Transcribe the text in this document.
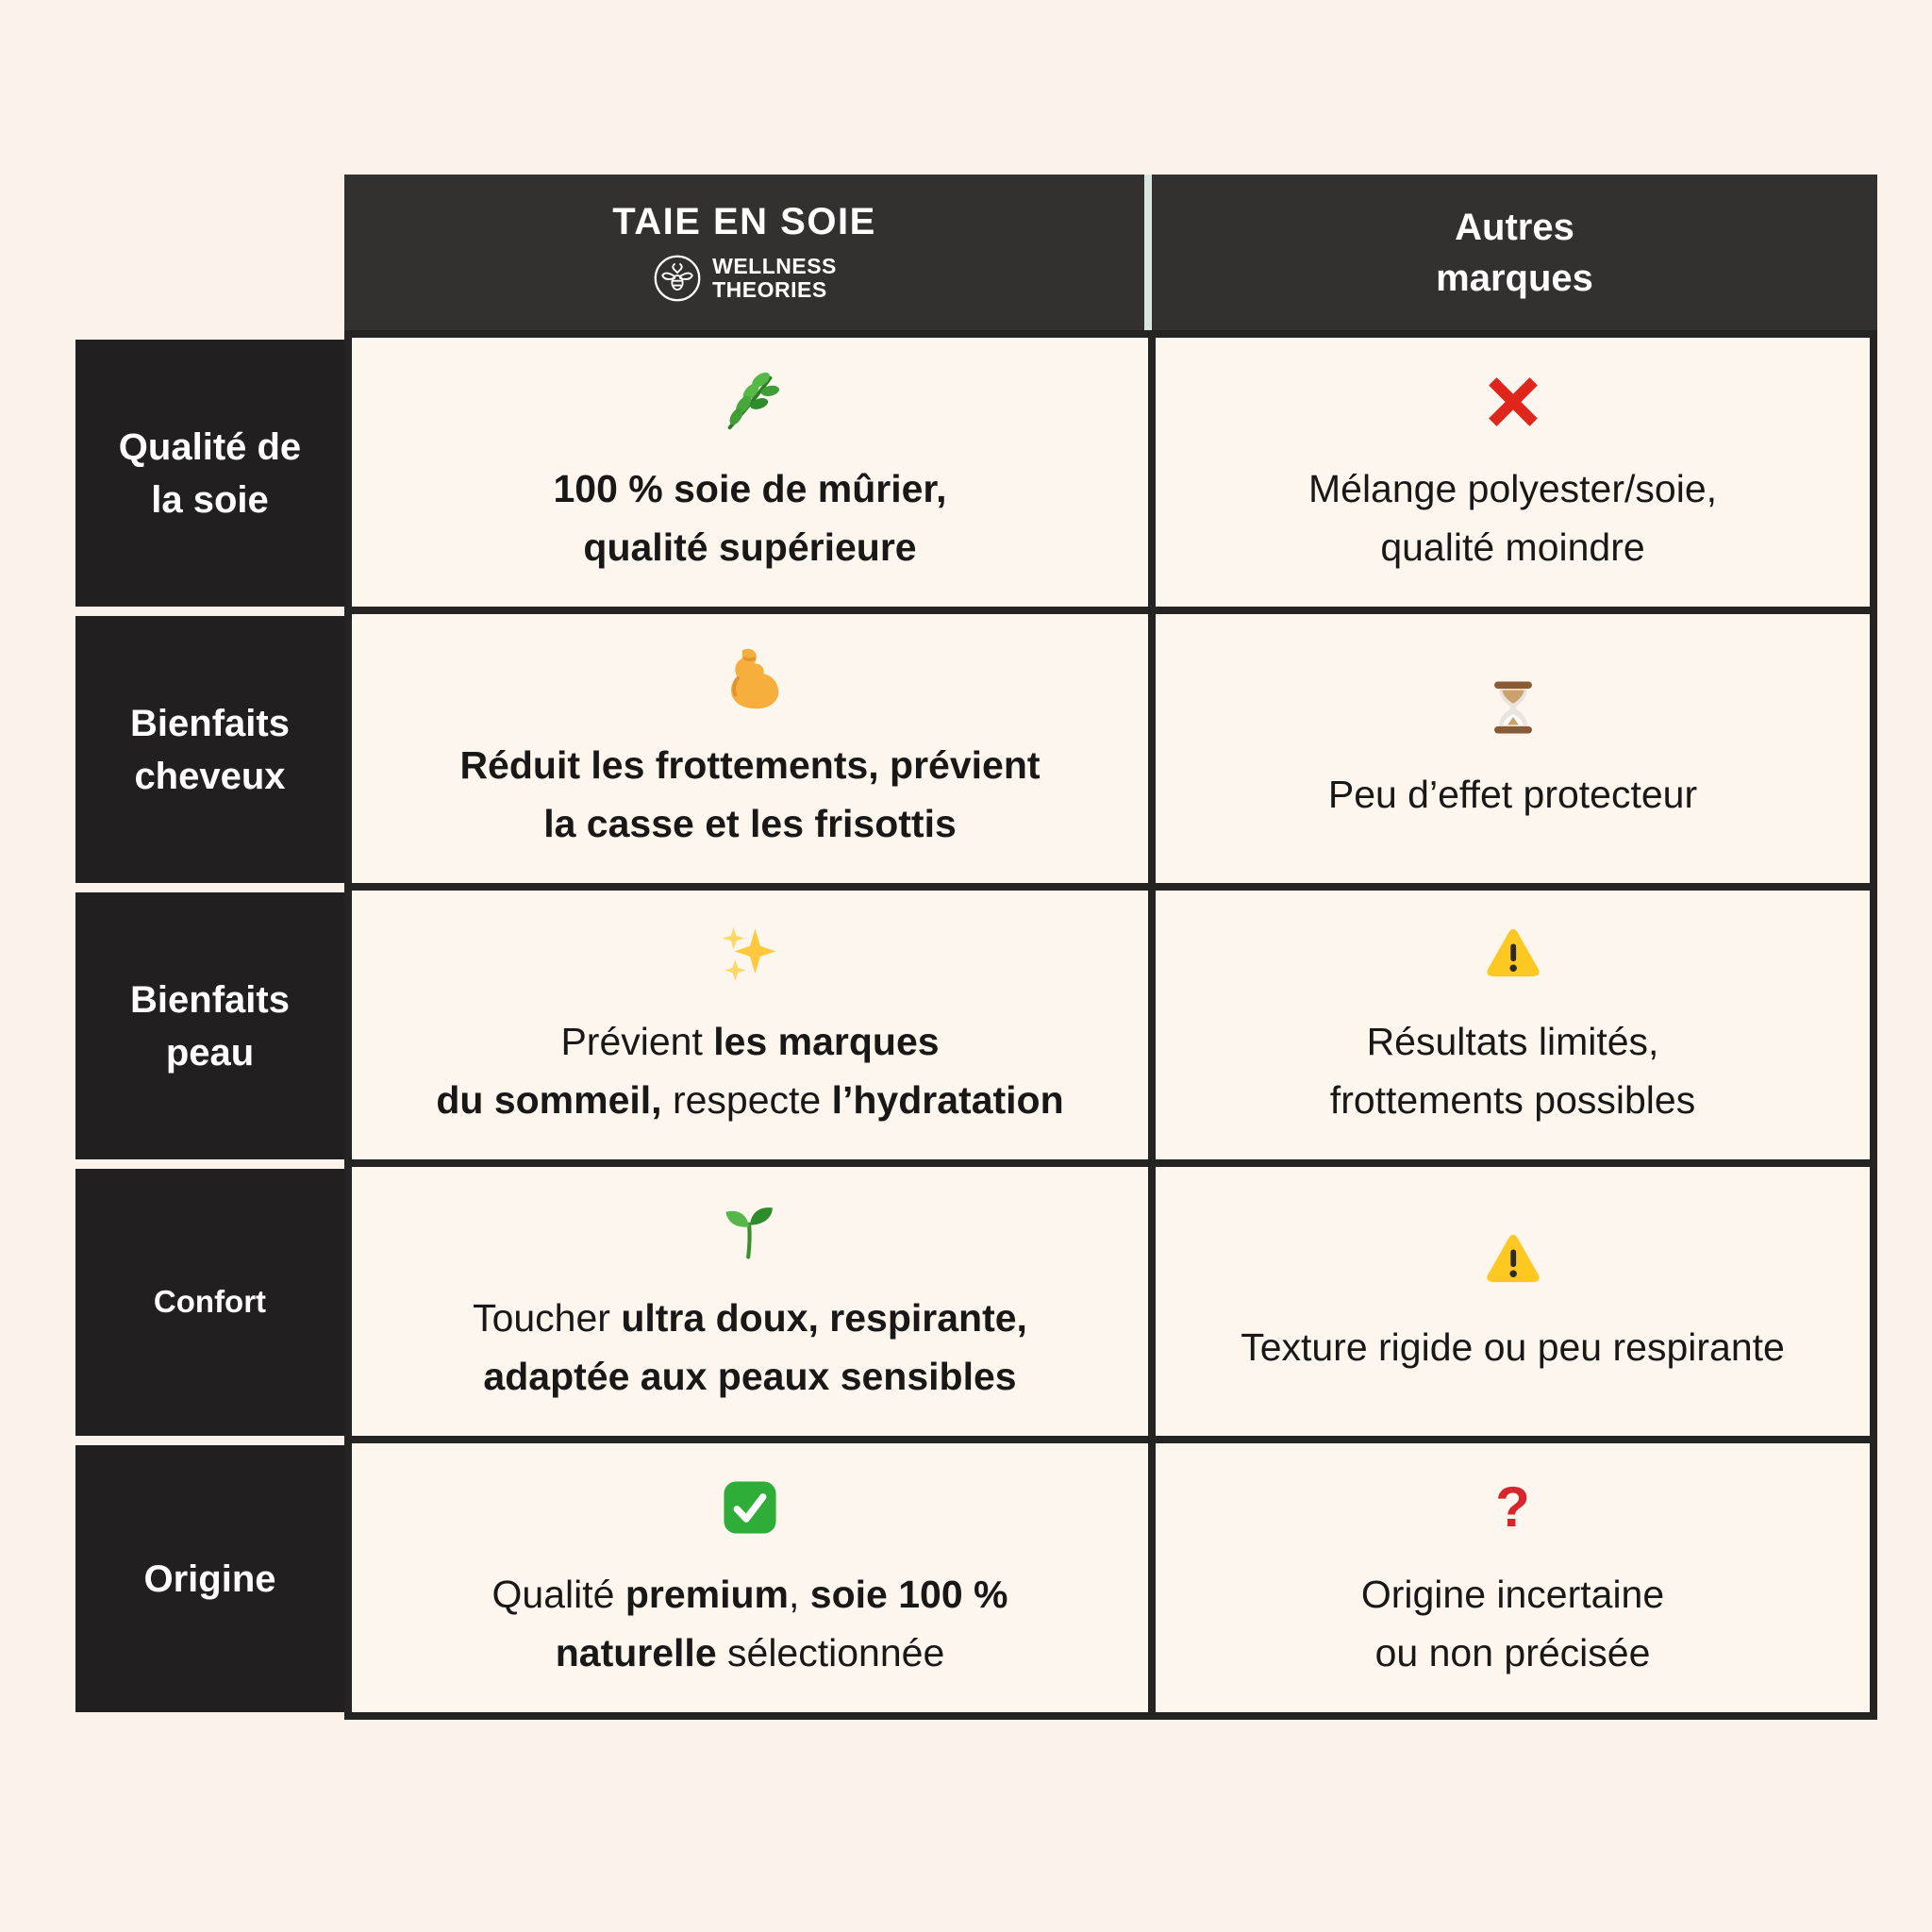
Qualité de la soie
Bienfaits cheveux
Bienfaits peau
Confort
Origine
TAIE EN SOIE
WELLNESS
THEORIES
Autres
marques
100 % soie de mûrier,
qualité supérieure
Mélange polyester/soie,
qualité moindre
Réduit les frottements, prévient
la casse et les frisottis
Peu d’effet protecteur
Prévient les marques
du sommeil, respecte l’hydratation
Résultats limités,
frottements possibles
Toucher ultra doux, respirante,
adaptée aux peaux sensibles
Texture rigide ou peu respirante
Qualité premium, soie 100 %
naturelle sélectionnée
?
Origine incertaine
ou non précisée
